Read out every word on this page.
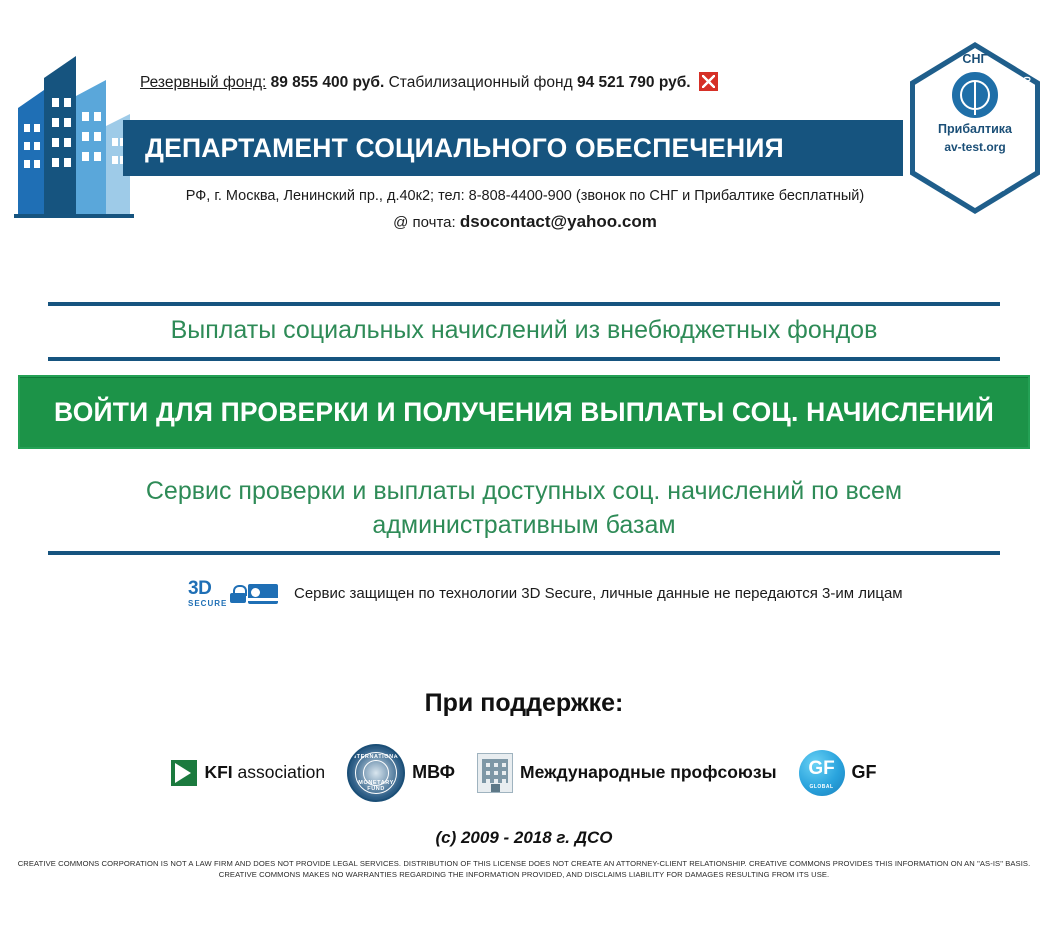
Резервный фонд: 89 855 400 руб. Стабилизационный фонд 94 521 790 руб.
ДЕПАРТАМЕНТ СОЦИАЛЬНОГО ОБЕСПЕЧЕНИЯ
РФ, г. Москва, Ленинский пр., д.40к2; тел: 8-808-4400-900 (звонок по СНГ и Прибалтике бесплатный)
@ почта: dsocontact@yahoo.com
СНГ
Прибалтика
av-test.org
CERTIFIED
WINDOWS
08/2017
Выплаты социальных начислений из внебюджетных фондов
ВОЙТИ ДЛЯ ПРОВЕРКИ И ПОЛУЧЕНИЯ ВЫПЛАТЫ СОЦ. НАЧИСЛЕНИЙ
Сервис проверки и выплаты доступных соц. начислений по всем административным базам
3D
SECURE
Сервис защищен по технологии 3D Secure, личные данные не передаются 3-им лицам
При поддержке:
KFI association
INTERNATIONAL
MONETARY FUND
МВФ	Международные профсоюзы	GF
GLOBAL
GF
(c) 2009 - 2018 г. ДСО
CREATIVE COMMONS CORPORATION IS NOT A LAW FIRM AND DOES NOT PROVIDE LEGAL SERVICES. DISTRIBUTION OF THIS LICENSE DOES NOT CREATE AN ATTORNEY-CLIENT RELATIONSHIP. CREATIVE COMMONS PROVIDES THIS INFORMATION ON AN "AS-IS" BASIS. CREATIVE COMMONS MAKES NO WARRANTIES REGARDING THE INFORMATION PROVIDED, AND DISCLAIMS LIABILITY FOR DAMAGES RESULTING FROM ITS USE.
